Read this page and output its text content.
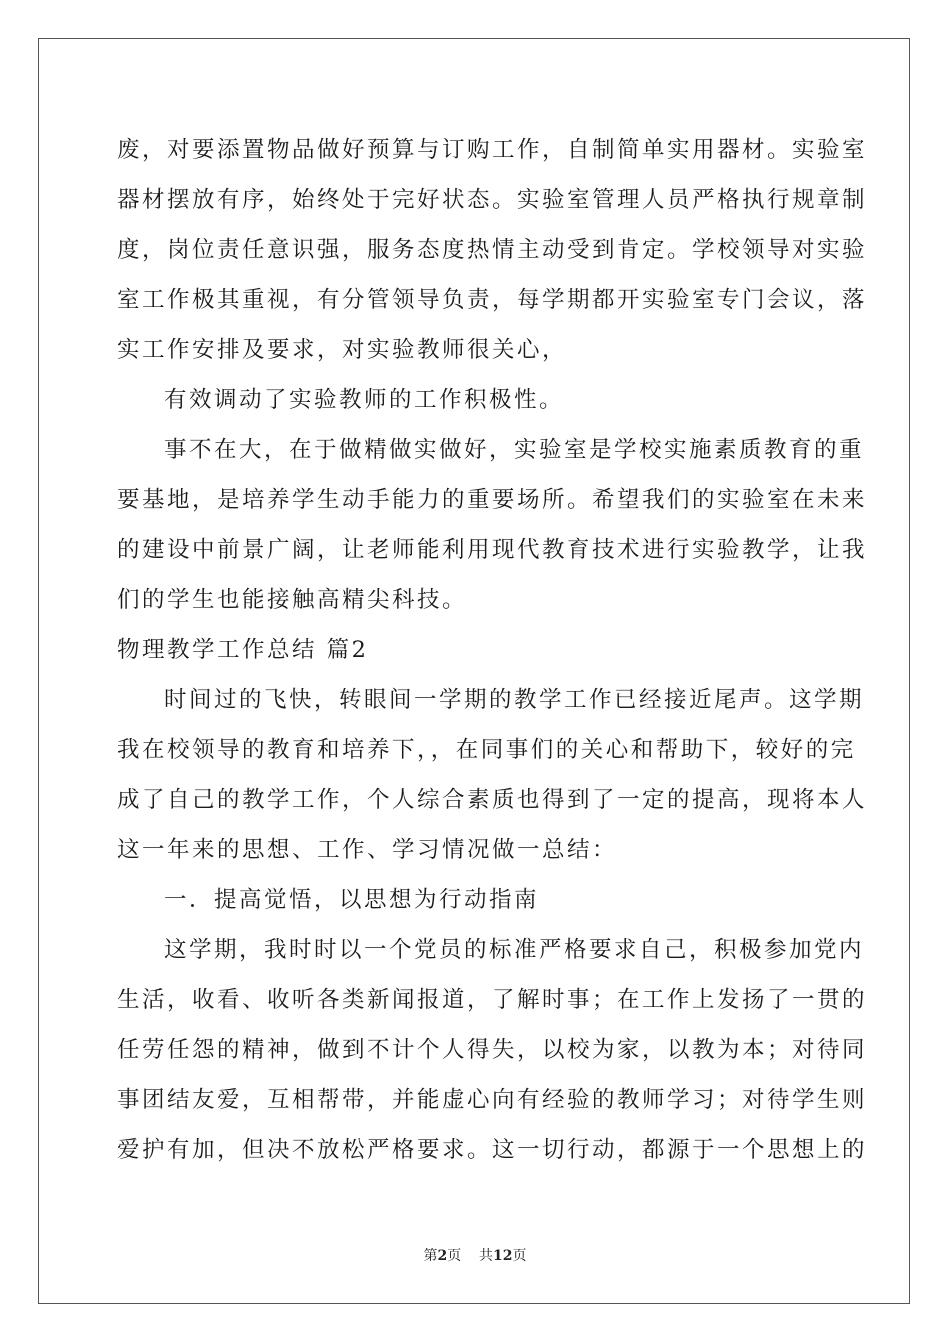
废，对要添置物品做好预算与订购工作，自制简单实用器材。实验室
器材摆放有序，始终处于完好状态。实验室管理人员严格执行规章制
度，岗位责任意识强，服务态度热情主动受到肯定。学校领导对实验
室工作极其重视，有分管领导负责，每学期都开实验室专门会议，落
实工作安排及要求，对实验教师很关心，
有效调动了实验教师的工作积极性。
事不在大，在于做精做实做好，实验室是学校实施素质教育的重
要基地，是培养学生动手能力的重要场所。希望我们的实验室在未来
的建设中前景广阔，让老师能利用现代教育技术进行实验教学，让我
们的学生也能接触高精尖科技。
物理教学工作总结 篇2
时间过的飞快，转眼间一学期的教学工作已经接近尾声。这学期
我在校领导的教育和培养下，，在同事们的关心和帮助下，较好的完
成了自己的教学工作，个人综合素质也得到了一定的提高，现将本人
这一年来的思想、工作、学习情况做一总结：
一．提高觉悟，以思想为行动指南
这学期，我时时以一个党员的标准严格要求自己，积极参加党内
生活，收看、收听各类新闻报道，了解时事；在工作上发扬了一贯的
任劳任怨的精神，做到不计个人得失，以校为家，以教为本；对待同
事团结友爱，互相帮带，并能虚心向有经验的教师学习；对待学生则
爱护有加，但决不放松严格要求。这一切行动，都源于一个思想上的
第2页 共12页
